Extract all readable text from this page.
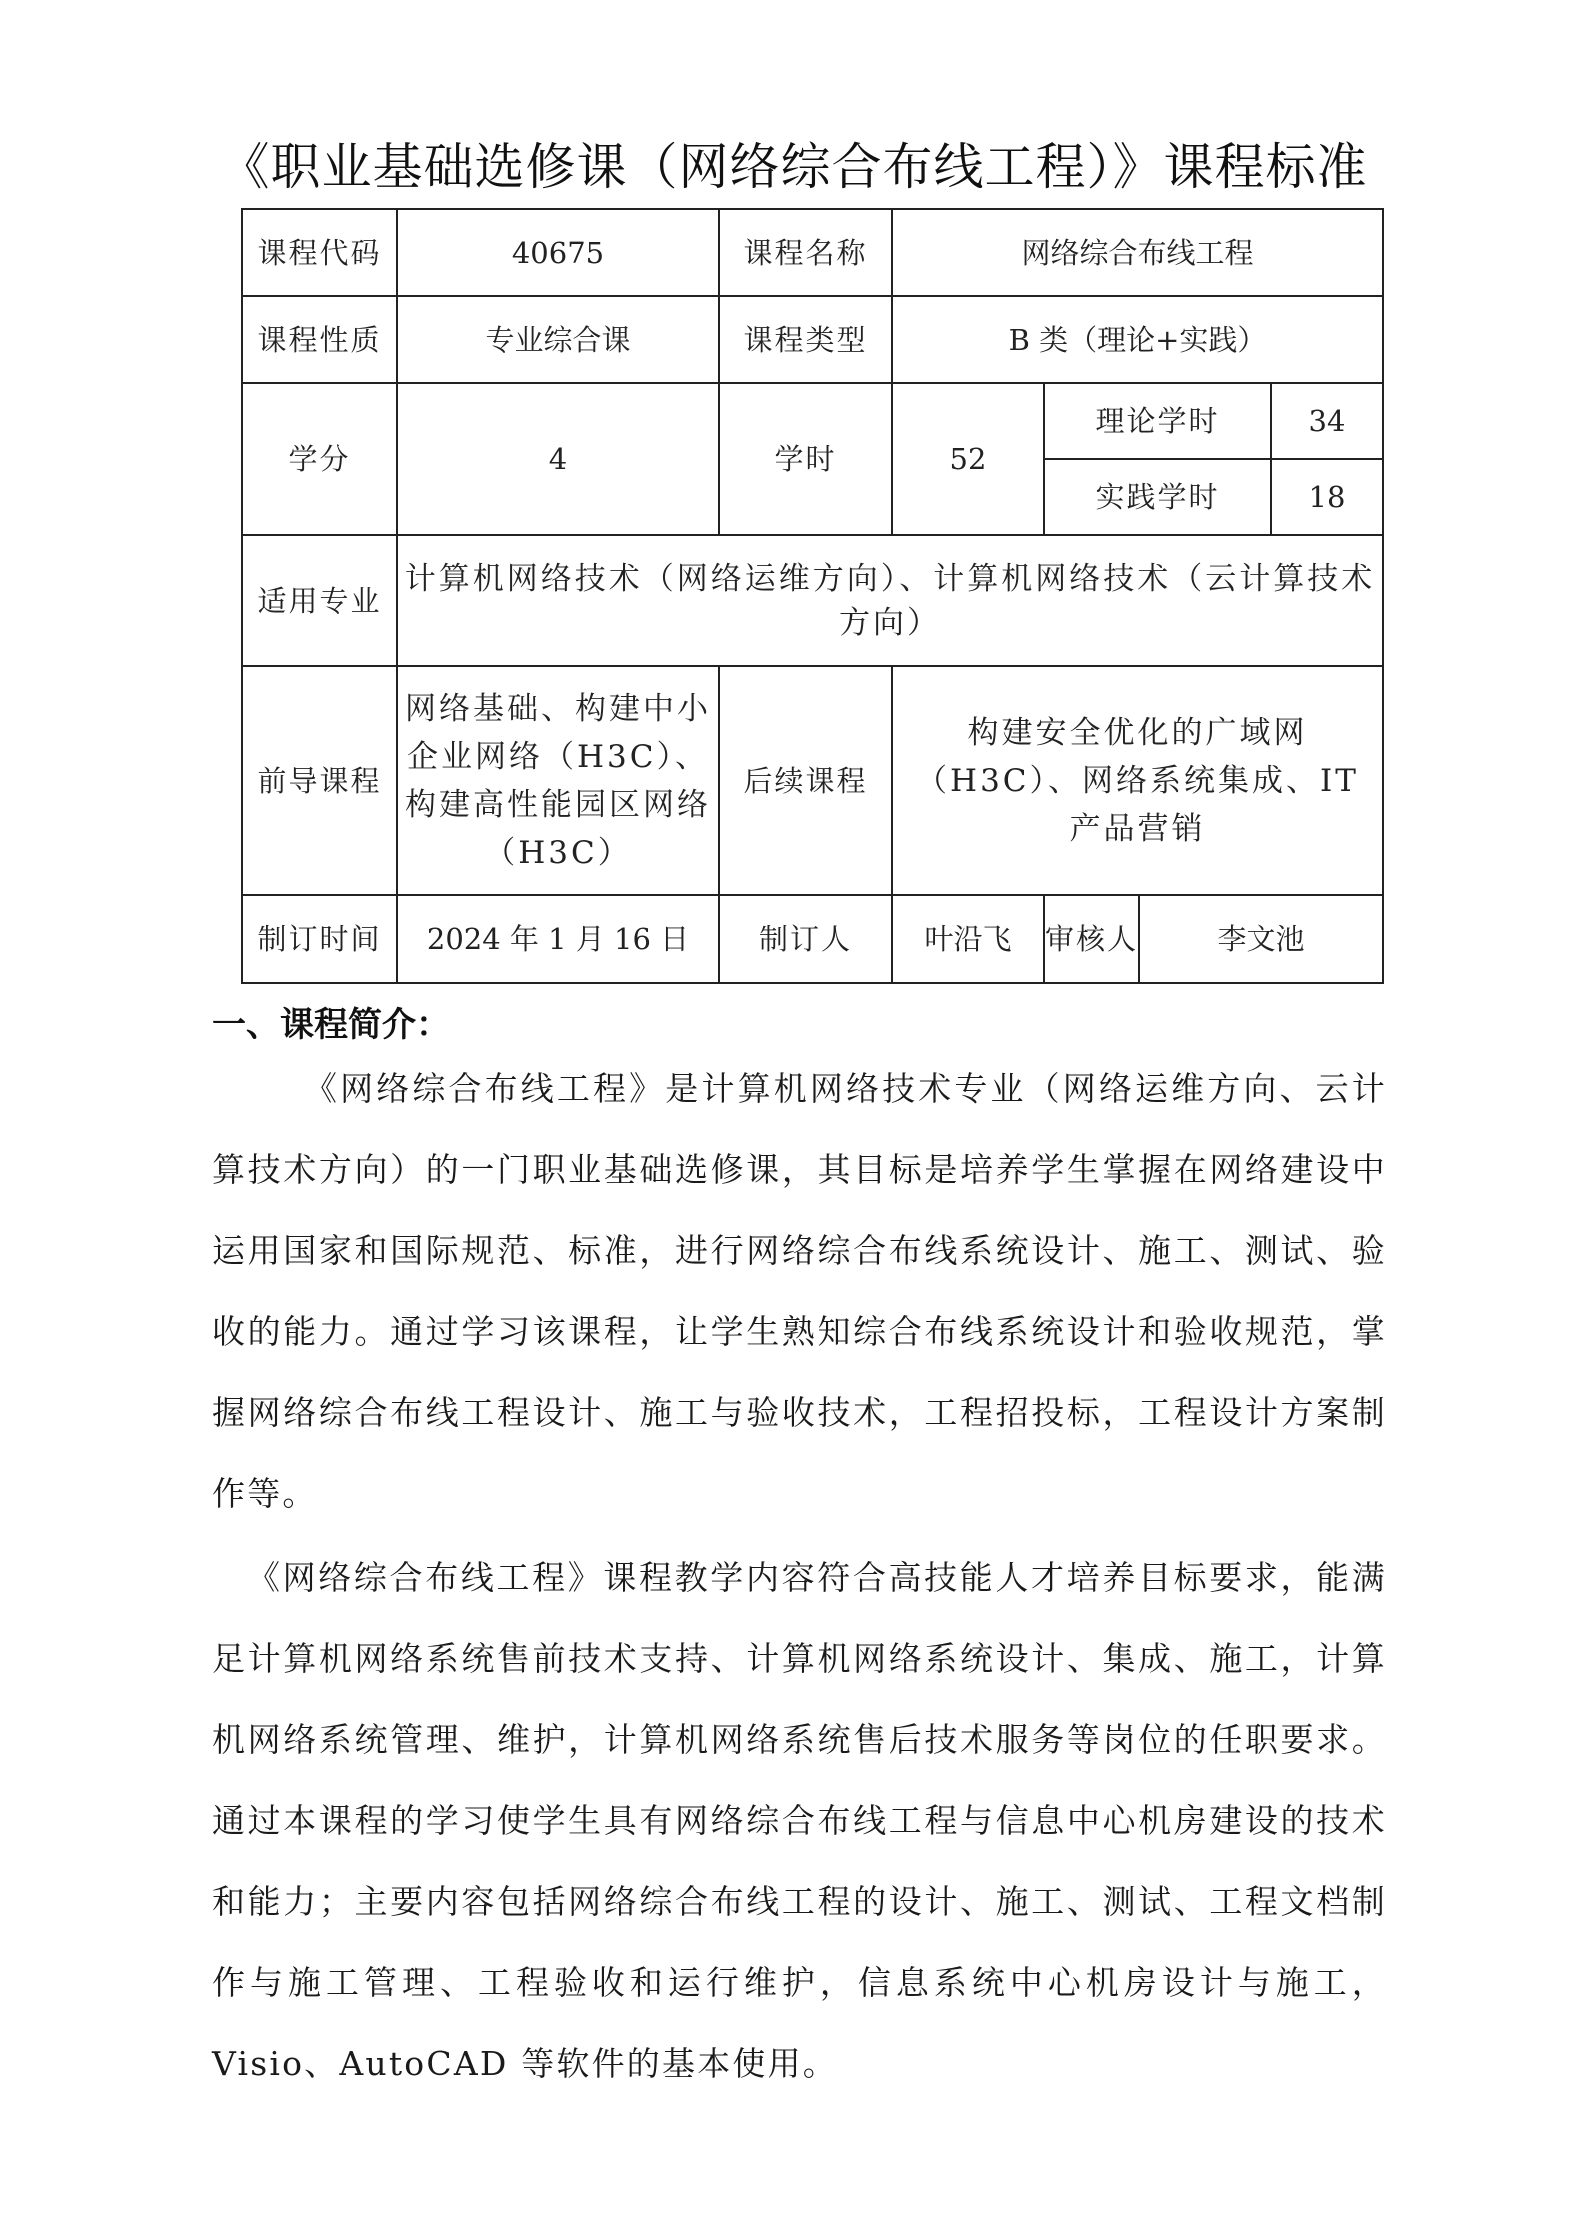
《职业基础选修课（网络综合布线工程）》课程标准
课程代码	40675	课程名称	网络综合布线工程			
课程性质	专业综合课	课程类型	B 类（理论+实践）			
学分	4	学时	52	理论学时		34
				实践学时		18
适用专业	计算机网络技术（网络运维方向）、计算机网络技术（云计算技术方向）					
前导课程	网络基础、构建中小企业网络（H3C）、构建高性能园区网络（H3C）	后续课程	构建安全优化的广域网（H3C）、网络系统集成、IT 产品营销			
制订时间	2024 年 1 月 16 日	制订人	叶沿飞	审核人	李文池	
一、课程简介：

《网络综合布线工程》是计算机网络技术专业（网络运维方向、云计算技术方向）的一门职业基础选修课，其目标是培养学生掌握在网络建设中运用国家和国际规范、标准，进行网络综合布线系统设计、施工、测试、验收的能力。通过学习该课程，让学生熟知综合布线系统设计和验收规范，掌握网络综合布线工程设计、施工与验收技术，工程招投标，工程设计方案制作等。

《网络综合布线工程》课程教学内容符合高技能人才培养目标要求，能满足计算机网络系统售前技术支持、计算机网络系统设计、集成、施工，计算机网络系统管理、维护，计算机网络系统售后技术服务等岗位的任职要求。通过本课程的学习使学生具有网络综合布线工程与信息中心机房建设的技术和能力；主要内容包括网络综合布线工程的设计、施工、测试、工程文档制作与施工管理、工程验收和运行维护，信息系统中心机房设计与施工，Visio、AutoCAD 等软件的基本使用。
